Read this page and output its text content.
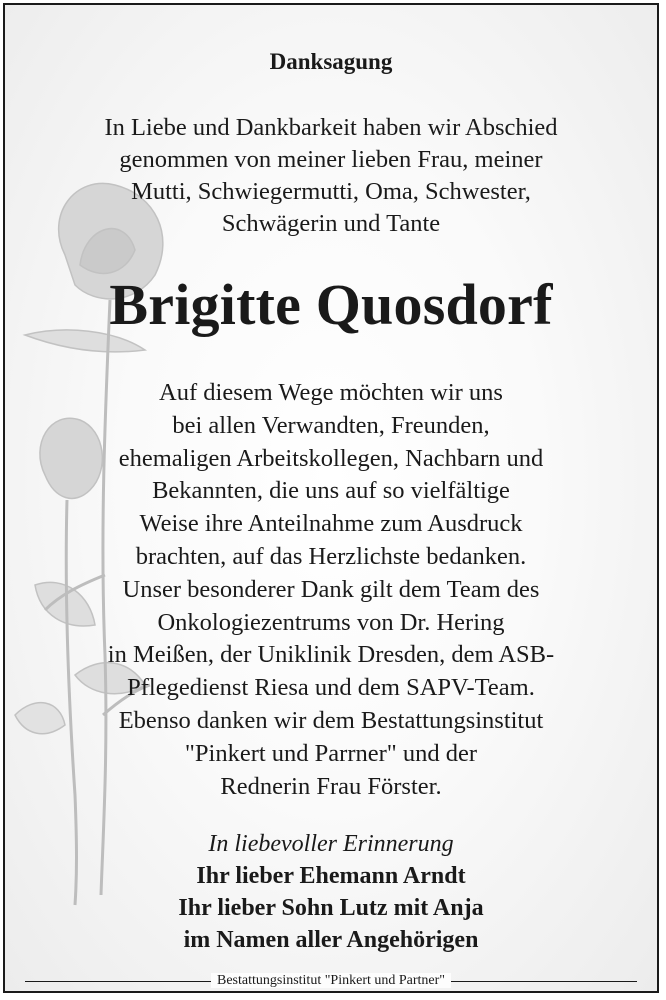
Danksagung
In Liebe und Dankbarkeit haben wir Abschied
genommen von meiner lieben Frau, meiner
Mutti, Schwiegermutti, Oma, Schwester,
Schwägerin und Tante
Brigitte Quosdorf
Auf diesem Wege möchten wir uns
bei allen Verwandten, Freunden,
ehemaligen Arbeitskollegen, Nachbarn und
Bekannten, die uns auf so vielfältige
Weise ihre Anteilnahme zum Ausdruck
brachten, auf das Herzlichste bedanken.
Unser besonderer Dank gilt dem Team des
Onkologiezentrums von Dr. Hering
in Meißen, der Uniklinik Dresden, dem ASB-
Pflegedienst Riesa und dem SAPV-Team.
Ebenso danken wir dem Bestattungsinstitut
"Pinkert und Parrner" und der
Rednerin Frau Förster.
In liebevoller Erinnerung
Ihr lieber Ehemann Arndt
Ihr lieber Sohn Lutz mit Anja
im Namen aller Angehörigen
Bestattungsinstitut "Pinkert und Partner"
